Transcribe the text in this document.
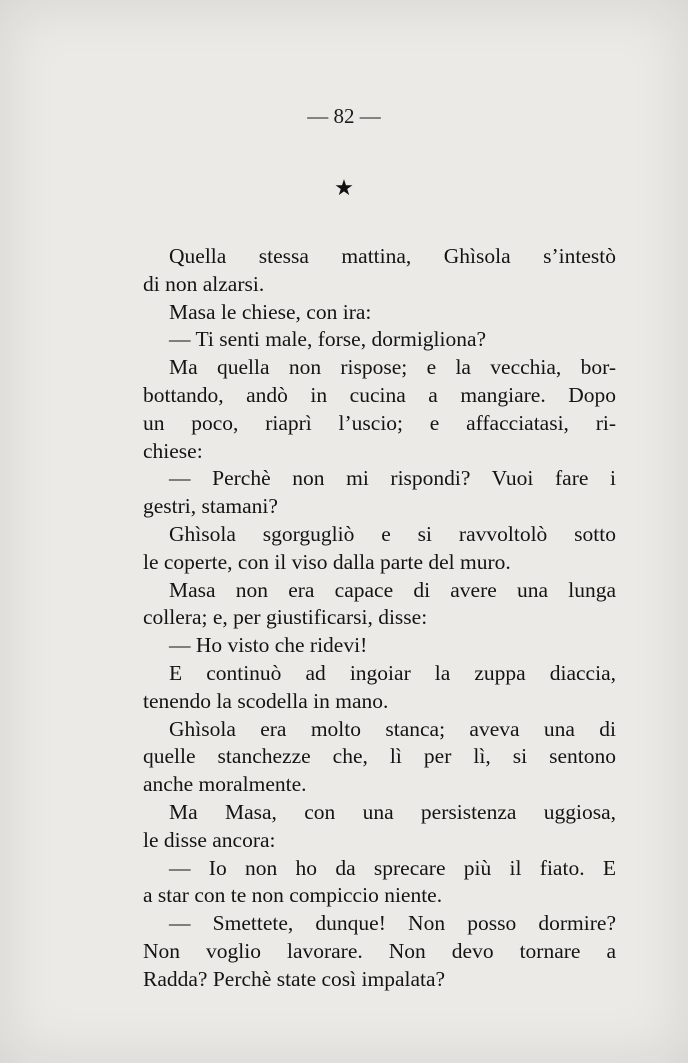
— 82 —
★

Quella stessa mattina, Ghìsola s’intestò
di non alzarsi.

Masa le chiese, con ira:

— Ti senti male, forse, dormigliona?

Ma quella non rispose; e la vecchia, bor-
bottando, andò in cucina a mangiare. Dopo
un poco, riaprì l’uscio; e affacciatasi, ri-
chiese:

— Perchè non mi rispondi? Vuoi fare i
gestri, stamani?

Ghìsola sgorgugliò e si ravvoltolò sotto
le coperte, con il viso dalla parte del muro.

Masa non era capace di avere una lunga
collera; e, per giustificarsi, disse:

— Ho visto che ridevi!

E continuò ad ingoiar la zuppa diaccia,
tenendo la scodella in mano.

Ghìsola era molto stanca; aveva una di
quelle stanchezze che, lì per lì, si sentono
anche moralmente.

Ma Masa, con una persistenza uggiosa,
le disse ancora:

— Io non ho da sprecare più il fiato. E
a star con te non compiccio niente.

— Smettete, dunque! Non posso dormire?
Non voglio lavorare. Non devo tornare a
Radda? Perchè state così impalata?
